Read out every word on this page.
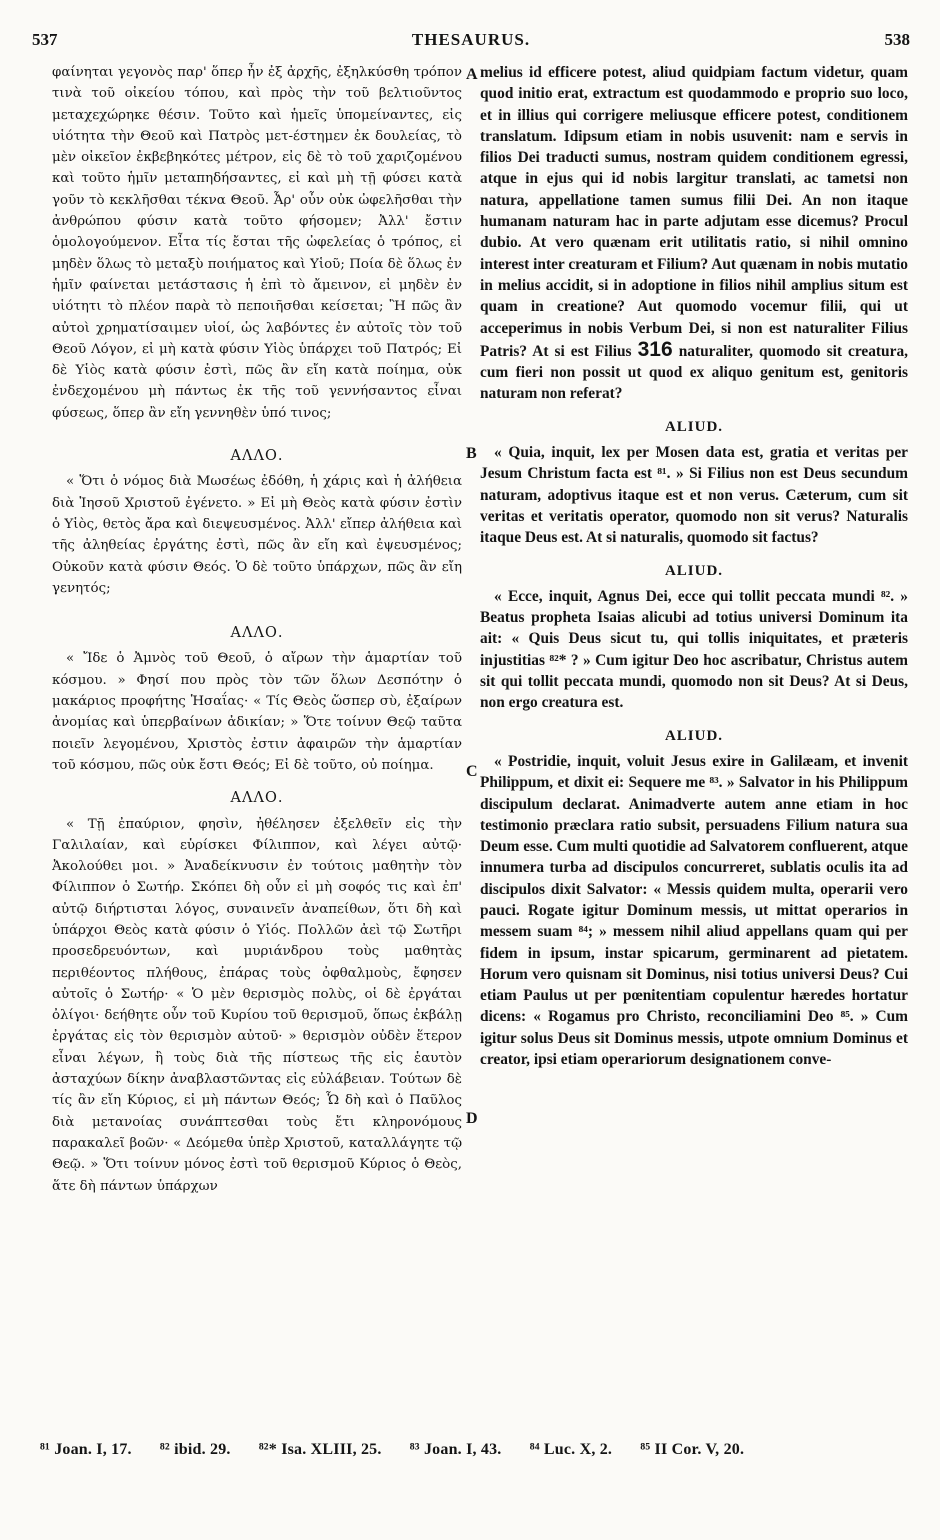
537	THESAURUS.	538
A
B
C
D

φαίνηται γεγονὸς παρ' ὅπερ ἦν ἐξ ἀρχῆς, ἐξηλκύσθη τρόπον τινὰ τοῦ οἰκείου τόπου, καὶ πρὸς τὴν τοῦ βελτιοῦντος μεταχεχώρηκε θέσιν. Τοῦτο καὶ ἡμεῖς ὑπομείναντες, εἰς υἱότητα τὴν Θεοῦ καὶ Πατρὸς μετ-έστημεν ἐκ δουλείας, τὸ μὲν οἰκεῖον ἐκβεβηκότες μέτρον, εἰς δὲ τὸ τοῦ χαριζομένου καὶ τοῦτο ἡμῖν μεταπηδήσαντες, εἰ καὶ μὴ τῇ φύσει κατὰ γοῦν τὸ κεκλῆσθαι τέκνα Θεοῦ. Ἆρ' οὖν οὐκ ὠφελῆσθαι τὴν ἀνθρώπου φύσιν κατὰ τοῦτο φήσομεν; Ἀλλ' ἔστιν ὁμολογούμενον. Εἶτα τίς ἔσται τῆς ὠφελείας ὁ τρόπος, εἰ μηδὲν ὅλως τὸ μεταξὺ ποιήματος καὶ Υἱοῦ; Ποία δὲ ὅλως ἐν ἡμῖν φαίνεται μετάστασις ἡ ἐπὶ τὸ ἄμεινον, εἰ μηδὲν ἐν υἱότητι τὸ πλέον παρὰ τὸ πεποιῆσθαι κείσεται; Ἢ πῶς ἂν αὐτοὶ χρηματίσαιμεν υἱοί, ὡς λαβόντες ἐν αὐτοῖς τὸν τοῦ Θεοῦ Λόγον, εἰ μὴ κατὰ φύσιν Υἱὸς ὑπάρχει τοῦ Πατρός; Εἰ δὲ Υἱὸς κατὰ φύσιν ἐστὶ, πῶς ἂν εἴη κατὰ ποίημα, οὐκ ἐνδεχομένου μὴ πάντως ἐκ τῆς τοῦ γεννήσαντος εἶναι φύσεως, ὅπερ ἂν εἴη γεννηθὲν ὑπό τινος;

ΑΛΛΟ.

« Ὅτι ὁ νόμος διὰ Μωσέως ἐδόθη, ἡ χάρις καὶ ἡ ἀλήθεια διὰ Ἰησοῦ Χριστοῦ ἐγένετο. » Εἰ μὴ Θεὸς κατὰ φύσιν ἐστὶν ὁ Υἱὸς, θετὸς ἄρα καὶ διεψευσμένος. Ἀλλ' εἴπερ ἀλήθεια καὶ τῆς ἀληθείας ἐργάτης ἐστὶ, πῶς ἂν εἴη καὶ ἐψευσμένος; Οὐκοῦν κατὰ φύσιν Θεός. Ὁ δὲ τοῦτο ὑπάρχων, πῶς ἂν εἴη γενητός;

ΑΛΛΟ.

« Ἴδε ὁ Ἀμνὸς τοῦ Θεοῦ, ὁ αἴρων τὴν ἁμαρτίαν τοῦ κόσμου. » Φησί που πρὸς τὸν τῶν ὅλων Δεσπότην ὁ μακάριος προφήτης Ἡσαΐας· « Τίς Θεὸς ὥσπερ σὺ, ἐξαίρων ἀνομίας καὶ ὑπερβαίνων ἀδικίαν; » Ὅτε τοίνυν Θεῷ ταῦτα ποιεῖν λεγομένου, Χριστὸς ἐστιν ἀφαιρῶν τὴν ἁμαρτίαν τοῦ κόσμου, πῶς οὐκ ἔστι Θεός; Εἰ δὲ τοῦτο, οὐ ποίημα.

ΑΛΛΟ.

« Τῇ ἐπαύριον, φησὶν, ἠθέλησεν ἐξελθεῖν εἰς τὴν Γαλιλαίαν, καὶ εὑρίσκει Φίλιππον, καὶ λέγει αὐτῷ· Ἀκολούθει μοι. » Ἀναδείκνυσιν ἐν τούτοις μαθητὴν τὸν Φίλιππον ὁ Σωτήρ. Σκόπει δὴ οὖν εἰ μὴ σοφός τις καὶ ἐπ' αὐτῷ διήρτισται λόγος, συναινεῖν ἀναπείθων, ὅτι δὴ καὶ ὑπάρχοι Θεὸς κατὰ φύσιν ὁ Υἱός. Πολλῶν ἀεὶ τῷ Σωτῆρι προσεδρευόντων, καὶ μυριάνδρου τοὺς μαθητὰς περιθέοντος πλήθους, ἐπάρας τοὺς ὀφθαλμοὺς, ἔφησεν αὐτοῖς ὁ Σωτήρ· « Ὁ μὲν θερισμὸς πολὺς, οἱ δὲ ἐργάται ὀλίγοι· δεήθητε οὖν τοῦ Κυρίου τοῦ θερισμοῦ, ὅπως ἐκβάλῃ ἐργάτας εἰς τὸν θερισμὸν αὐτοῦ· » θερισμὸν οὐδὲν ἕτερον εἶναι λέγων, ἢ τοὺς διὰ τῆς πίστεως τῆς εἰς ἑαυτὸν ἀσταχύων δίκην ἀναβλαστῶντας εἰς εὐλάβειαν. Τούτων δὲ τίς ἂν εἴη Κύριος, εἰ μὴ πάντων Θεός; Ὧ δὴ καὶ ὁ Παῦλος διὰ μετανοίας συνάπτεσθαι τοὺς ἔτι κληρονόμους παρακαλεῖ βοῶν· « Δεόμεθα ὑπὲρ Χριστοῦ, καταλλάγητε τῷ Θεῷ. » Ὅτι τοίνυν μόνος ἐστὶ τοῦ θερισμοῦ Κύριος ὁ Θεὸς, ἅτε δὴ πάντων ὑπάρχων

melius id efficere potest, aliud quidpiam factum videtur, quam quod initio erat, extractum est quodammodo e proprio suo loco, et in illius qui corrigere meliusque efficere potest, conditionem translatum. Idipsum etiam in nobis usuvenit: nam e servis in filios Dei traducti sumus, nostram quidem conditionem egressi, atque in ejus qui id nobis largitur translati, ac tametsi non natura, appellatione tamen sumus filii Dei. An non itaque humanam naturam hac in parte adjutam esse dicemus? Procul dubio. At vero quænam erit utilitatis ratio, si nihil omnino interest inter creaturam et Filium? Aut quænam in nobis mutatio in melius accidit, si in adoptione in filios nihil amplius situm est quam in creatione? Aut quomodo vocemur filii, qui ut acceperimus in nobis Verbum Dei, si non est naturaliter Filius Patris? At si est Filius 316 naturaliter, quomodo sit creatura, cum fieri non possit ut quod ex aliquo genitum est, genitoris naturam non referat?

ALIUD.

« Quia, inquit, lex per Mosen data est, gratia et veritas per Jesum Christum facta est ⁸¹. » Si Filius non est Deus secundum naturam, adoptivus itaque est et non verus. Cæterum, cum sit veritas et veritatis operator, quomodo non sit verus? Naturalis itaque Deus est. At si naturalis, quomodo sit factus?

ALIUD.

« Ecce, inquit, Agnus Dei, ecce qui tollit peccata mundi ⁸². » Beatus propheta Isaias alicubi ad totius universi Dominum ita ait: « Quis Deus sicut tu, qui tollis iniquitates, et præteris injustitias ⁸²* ? » Cum igitur Deo hoc ascribatur, Christus autem sit qui tollit peccata mundi, quomodo non sit Deus? At si Deus, non ergo creatura est.

ALIUD.

« Postridie, inquit, voluit Jesus exire in Galilæam, et invenit Philippum, et dixit ei: Sequere me ⁸³. » Salvator in his Philippum discipulum declarat. Animadverte autem anne etiam in hoc testimonio præclara ratio subsit, persuadens Filium natura sua Deum esse. Cum multi quotidie ad Salvatorem confluerent, atque innumera turba ad discipulos concurreret, sublatis oculis ita ad discipulos dixit Salvator: « Messis quidem multa, operarii vero pauci. Rogate igitur Dominum messis, ut mittat operarios in messem suam ⁸⁴; » messem nihil aliud appellans quam qui per fidem in ipsum, instar spicarum, germinarent ad pietatem. Horum vero quisnam sit Dominus, nisi totius universi Deus? Cui etiam Paulus ut per pœnitentiam copulentur hæredes hortatur dicens: « Rogamus pro Christo, reconciliamini Deo ⁸⁵. » Cum igitur solus Deus sit Dominus messis, utpote omnium Dominus et creator, ipsi etiam operariorum designationem conve-

⁸¹ Joan. I, 17. ⁸² ibid. 29. ⁸²* Isa. XLIII, 25. ⁸³ Joan. I, 43. ⁸⁴ Luc. X, 2. ⁸⁵ II Cor. V, 20.
